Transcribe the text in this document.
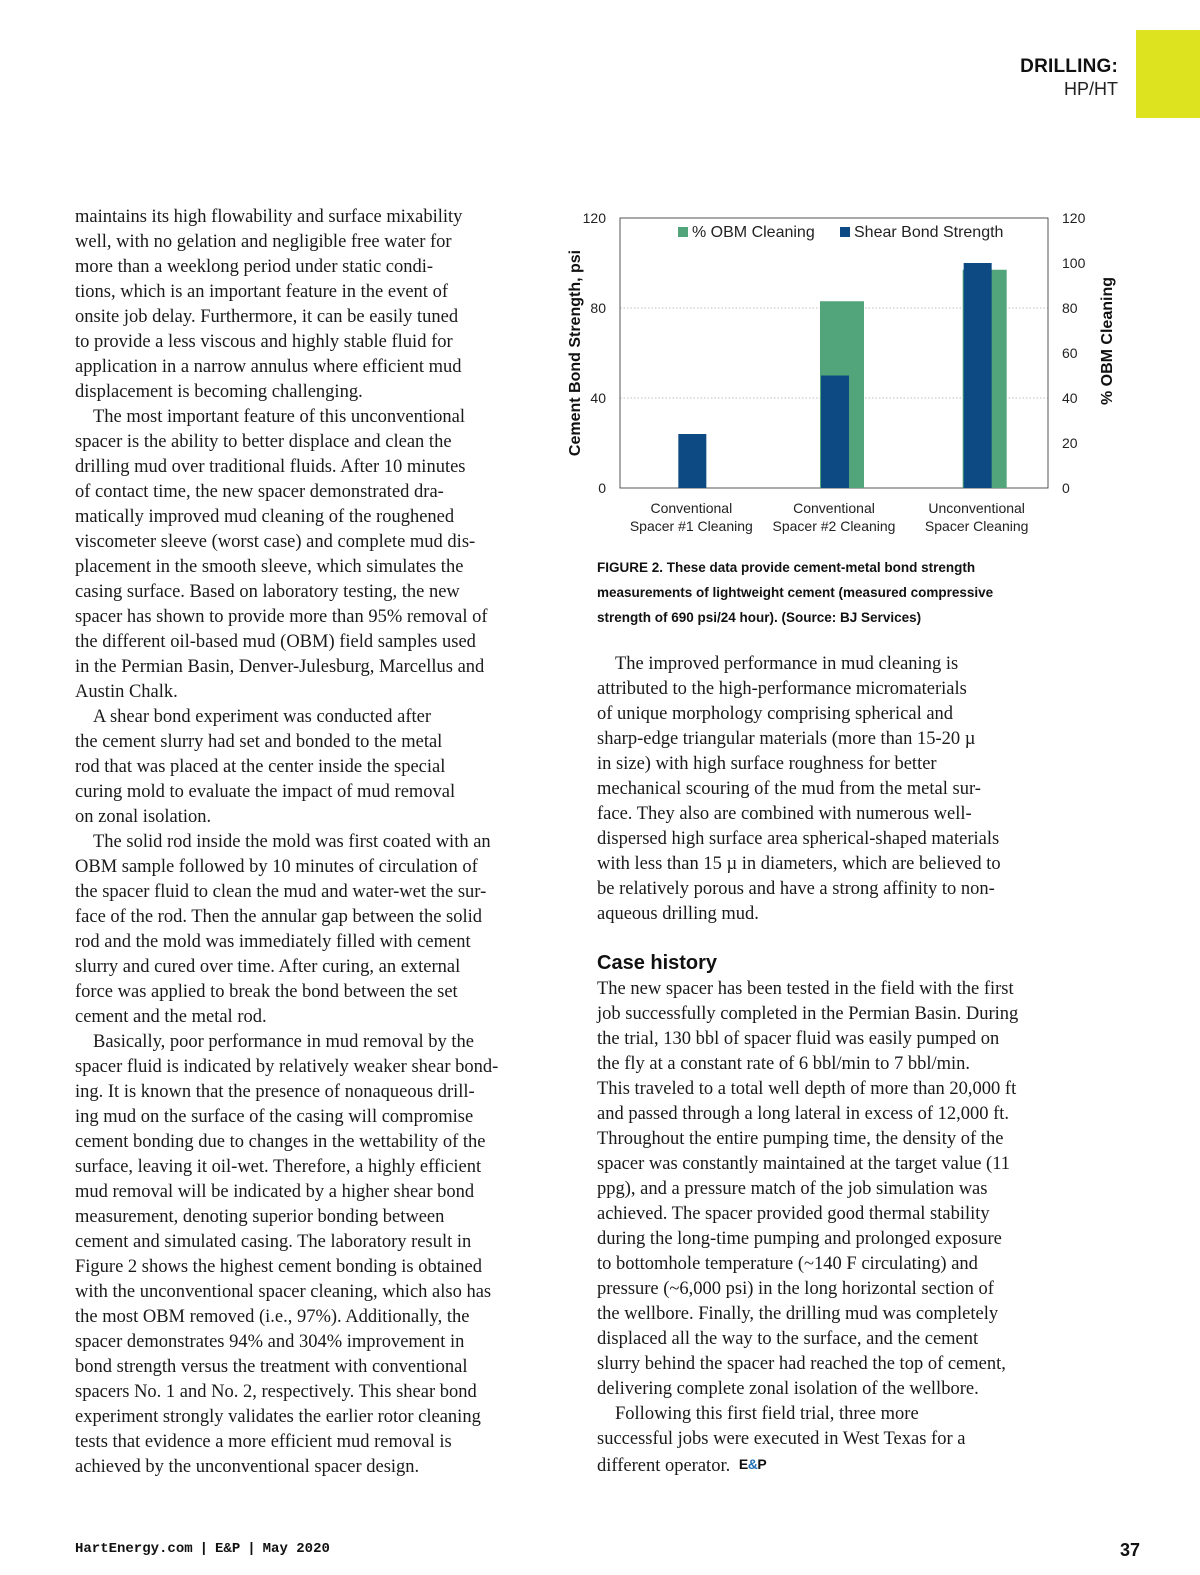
DRILLING:
HP/HT
maintains its high flowability and surface mixability
well, with no gelation and negligible free water for
more than a weeklong period under static condi-
tions, which is an important feature in the event of
onsite job delay. Furthermore, it can be easily tuned
to provide a less viscous and highly stable fluid for
application in a narrow annulus where efficient mud
displacement is becoming challenging.
The most important feature of this unconventional
spacer is the ability to better displace and clean the
drilling mud over traditional fluids. After 10 minutes
of contact time, the new spacer demonstrated dra-
matically improved mud cleaning of the roughened
viscometer sleeve (worst case) and complete mud dis-
placement in the smooth sleeve, which simulates the
casing surface. Based on laboratory testing, the new
spacer has shown to provide more than 95% removal of
the different oil-based mud (OBM) field samples used
in the Permian Basin, Denver-Julesburg, Marcellus and
Austin Chalk.
A shear bond experiment was conducted after
the cement slurry had set and bonded to the metal
rod that was placed at the center inside the special
curing mold to evaluate the impact of mud removal
on zonal isolation.
The solid rod inside the mold was first coated with an
OBM sample followed by 10 minutes of circulation of
the spacer fluid to clean the mud and water-wet the sur-
face of the rod. Then the annular gap between the solid
rod and the mold was immediately filled with cement
slurry and cured over time. After curing, an external
force was applied to break the bond between the set
cement and the metal rod.
Basically, poor performance in mud removal by the
spacer fluid is indicated by relatively weaker shear bond-
ing. It is known that the presence of nonaqueous drill-
ing mud on the surface of the casing will compromise
cement bonding due to changes in the wettability of the
surface, leaving it oil-wet. Therefore, a highly efficient
mud removal will be indicated by a higher shear bond
measurement, denoting superior bonding between
cement and simulated casing. The laboratory result in
Figure 2 shows the highest cement bonding is obtained
with the unconventional spacer cleaning, which also has
the most OBM removed (i.e., 97%). Additionally, the
spacer demonstrates 94% and 304% improvement in
bond strength versus the treatment with conventional
spacers No. 1 and No. 2, respectively. This shear bond
experiment strongly validates the earlier rotor cleaning
tests that evidence a more efficient mud removal is
achieved by the unconventional spacer design.
0
40
80
120
0
20
40
60
80
100
120
Cement Bond Strength, psi	% OBM Cleaning
Conventional
Spacer #1 Cleaning
Conventional
Spacer #2 Cleaning
Unconventional
Spacer Cleaning
% OBM Cleaning Shear Bond Strength
FIGURE 2. These data provide cement-metal bond strength
measurements of lightweight cement (measured compressive
strength of 690 psi/24 hour). (Source: BJ Services)
The improved performance in mud cleaning is
attributed to the high-performance micromaterials
of unique morphology comprising spherical and
sharp-edge triangular materials (more than 15-20 µ
in size) with high surface roughness for better
mechanical scouring of the mud from the metal sur-
face. They also are combined with numerous well-
dispersed high surface area spherical-shaped materials
with less than 15 µ in diameters, which are believed to
be relatively porous and have a strong affinity to non-
aqueous drilling mud.
Case history
The new spacer has been tested in the field with the first
job successfully completed in the Permian Basin. During
the trial, 130 bbl of spacer fluid was easily pumped on
the fly at a constant rate of 6 bbl/min to 7 bbl/min.
This traveled to a total well depth of more than 20,000 ft
and passed through a long lateral in excess of 12,000 ft.
Throughout the entire pumping time, the density of the
spacer was constantly maintained at the target value (11
ppg), and a pressure match of the job simulation was
achieved. The spacer provided good thermal stability
during the long-time pumping and prolonged exposure
to bottomhole temperature (~140 F circulating) and
pressure (~6,000 psi) in the long horizontal section of
the wellbore. Finally, the drilling mud was completely
displaced all the way to the surface, and the cement
slurry behind the spacer had reached the top of cement,
delivering complete zonal isolation of the wellbore.
Following this first field trial, three more
successful jobs were executed in West Texas for a
different operator. E&P
HartEnergy.com | E&P | May 2020	37
